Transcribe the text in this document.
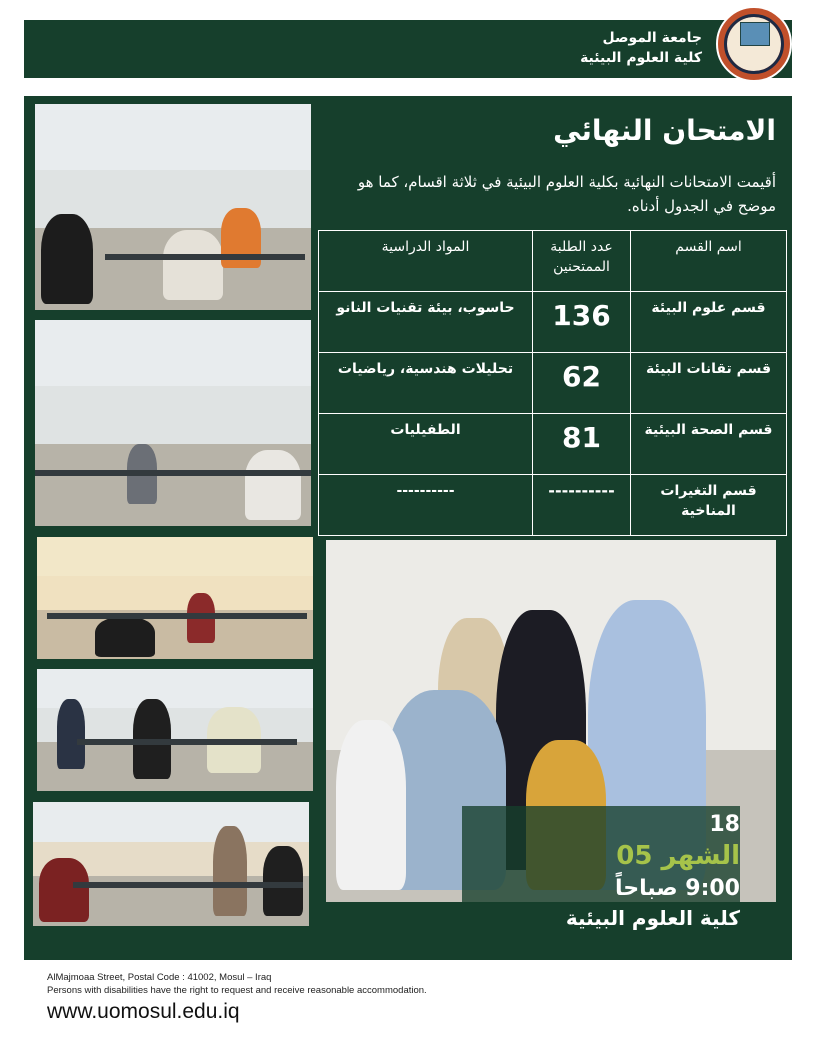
جامعة الموصل
كلية العلوم البيئية
الامتحان النهائي
أقيمت الامتحانات النهائية بكلية العلوم البيئية في ثلاثة اقسام، كما هو موضح في الجدول أدناه.
اسم القسم	عدد الطلبة الممتحنين	المواد الدراسية
قسم علوم البيئة	136	حاسوب، بيئة تقنيات النانو
قسم تقانات البيئة	62	تحليلات هندسية، رياضيات
قسم الصحة البيئية	81	الطفيليات
قسم التغيرات المناخية	----------	----------
18
الشهر 05
9:00 صباحاً
كلية العلوم البيئية
AlMajmoaa Street, Postal Code : 41002, Mosul – Iraq
Persons with disabilities have the right to request and receive reasonable accommodation.
www.uomosul.edu.iq
